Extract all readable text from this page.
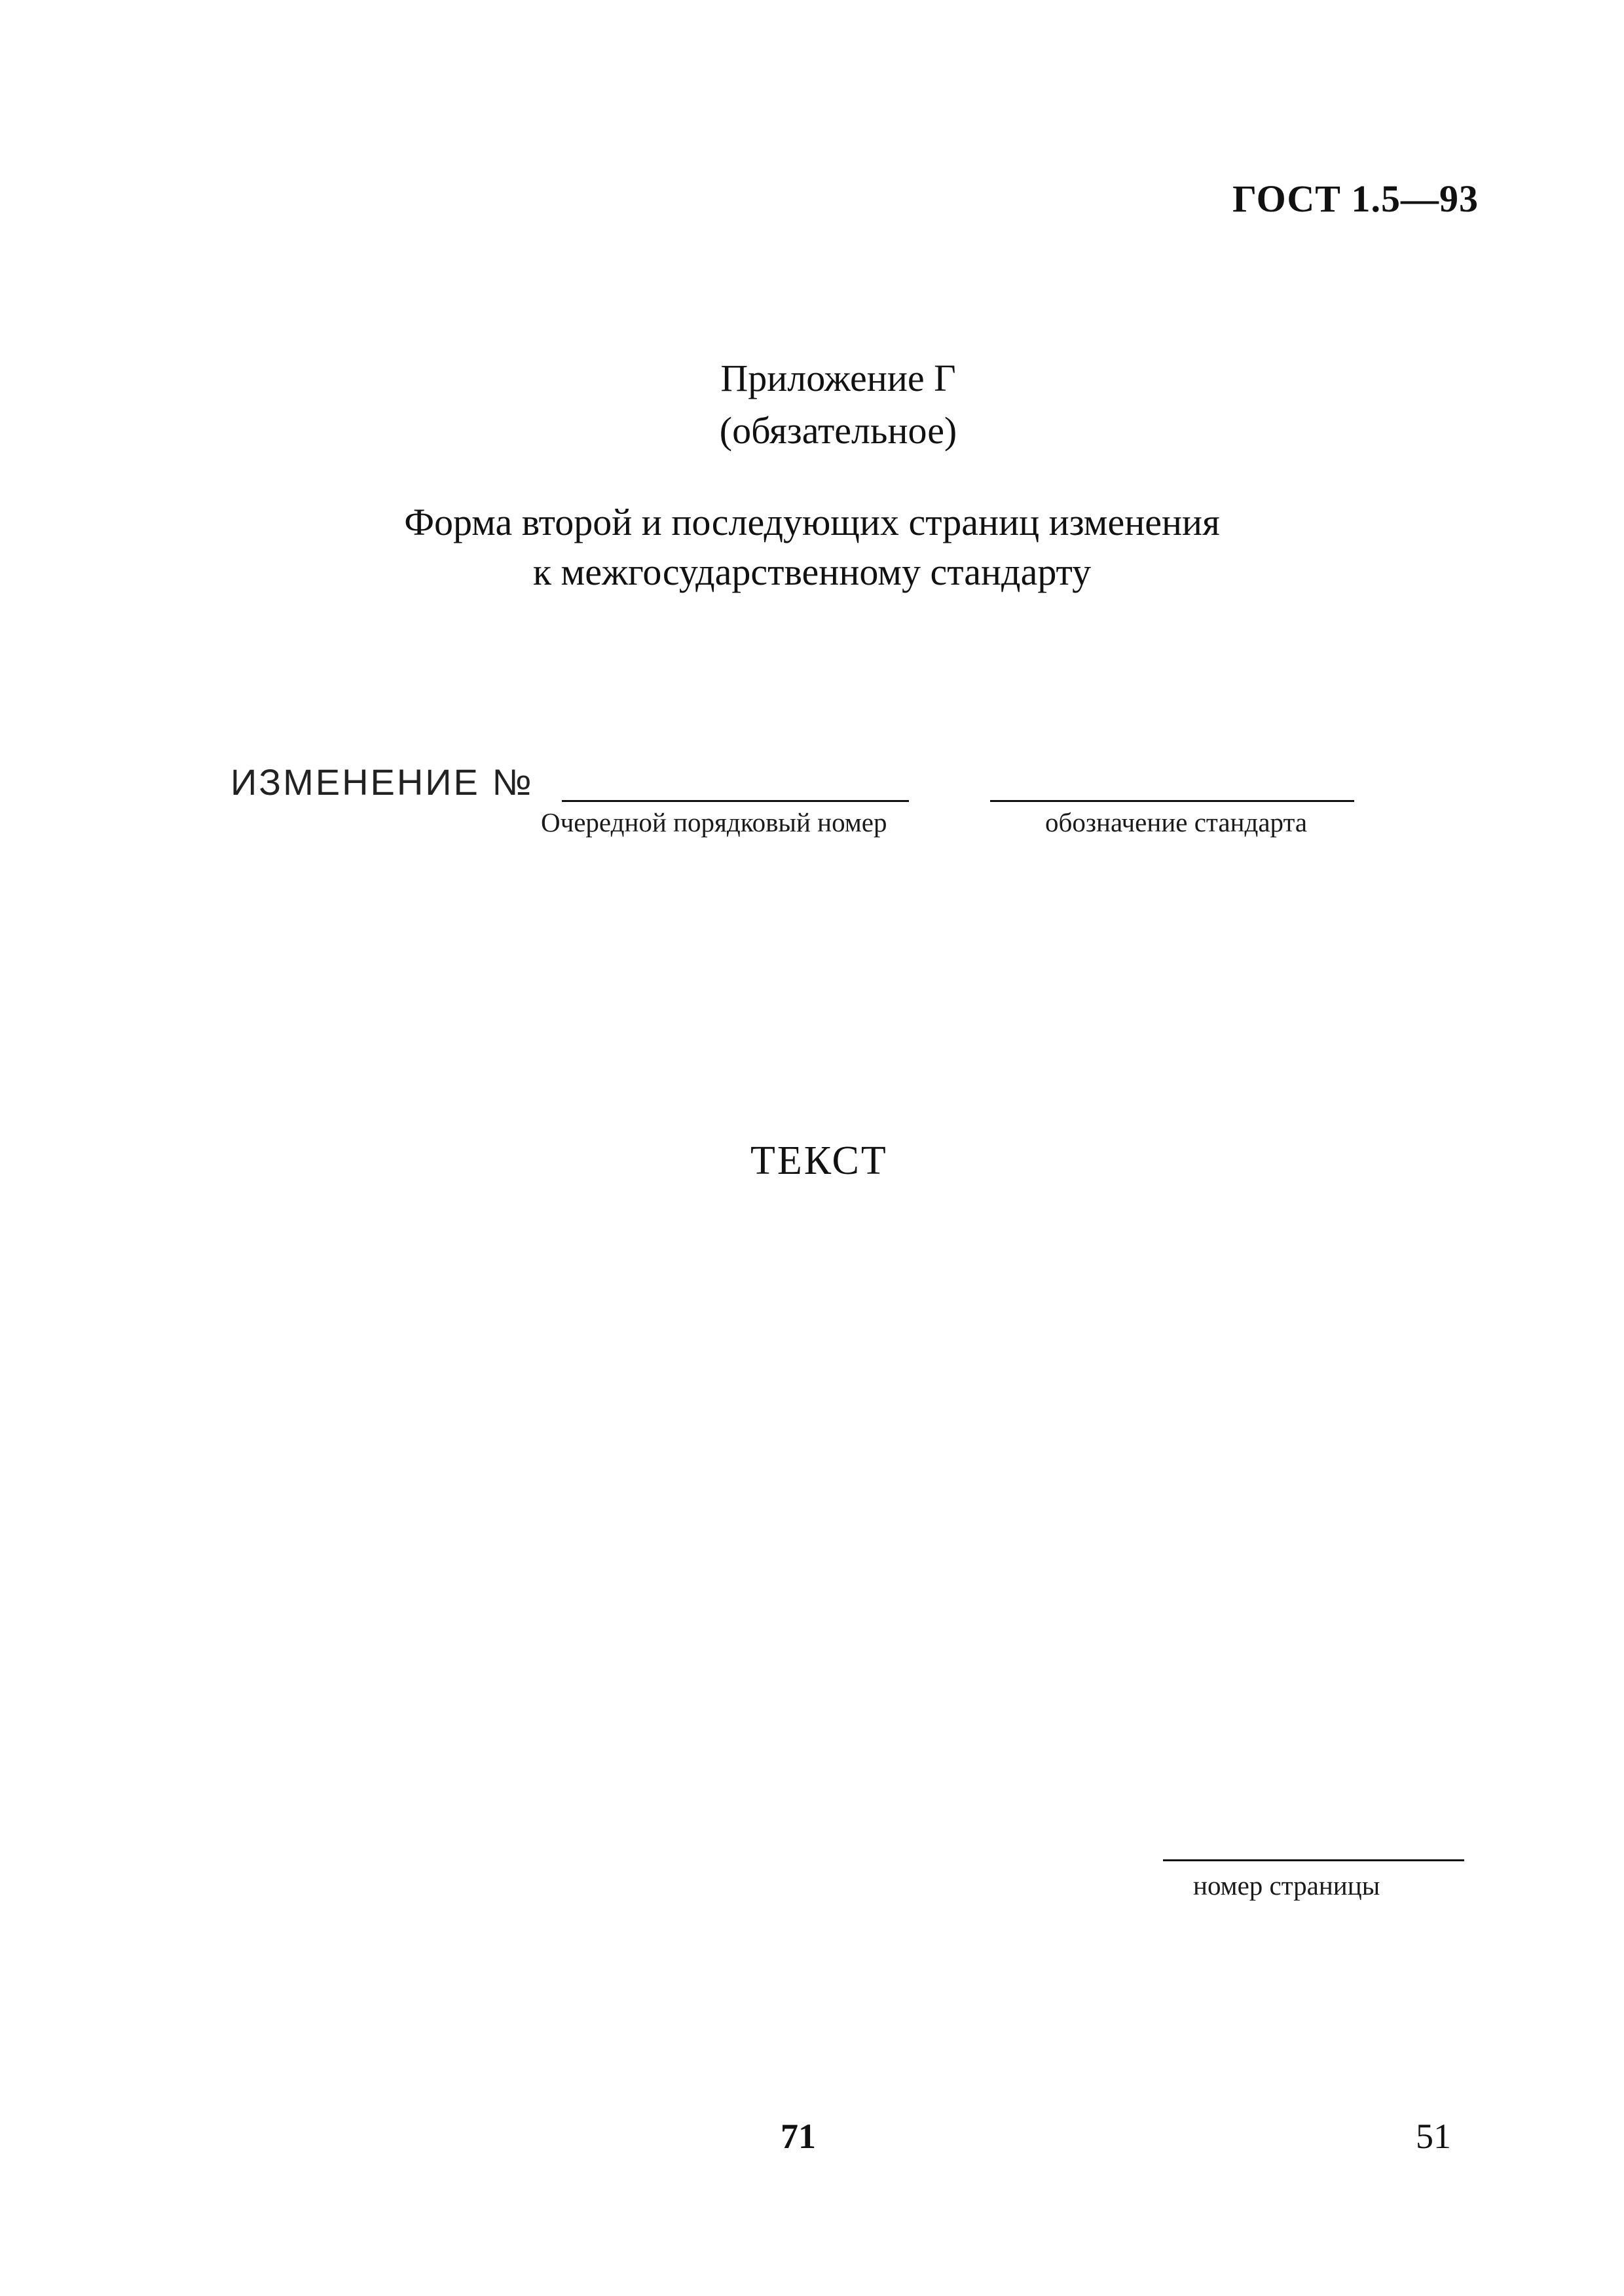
ГОСТ 1.5—93
Приложение Г
(обязательное)
Форма второй и последующих страниц изменения
к межгосударственному стандарту
ИЗМЕНЕНИЕ №
Очередной порядковый номер	обозначение стандарта
ТЕКСТ
номер страницы
71	51
